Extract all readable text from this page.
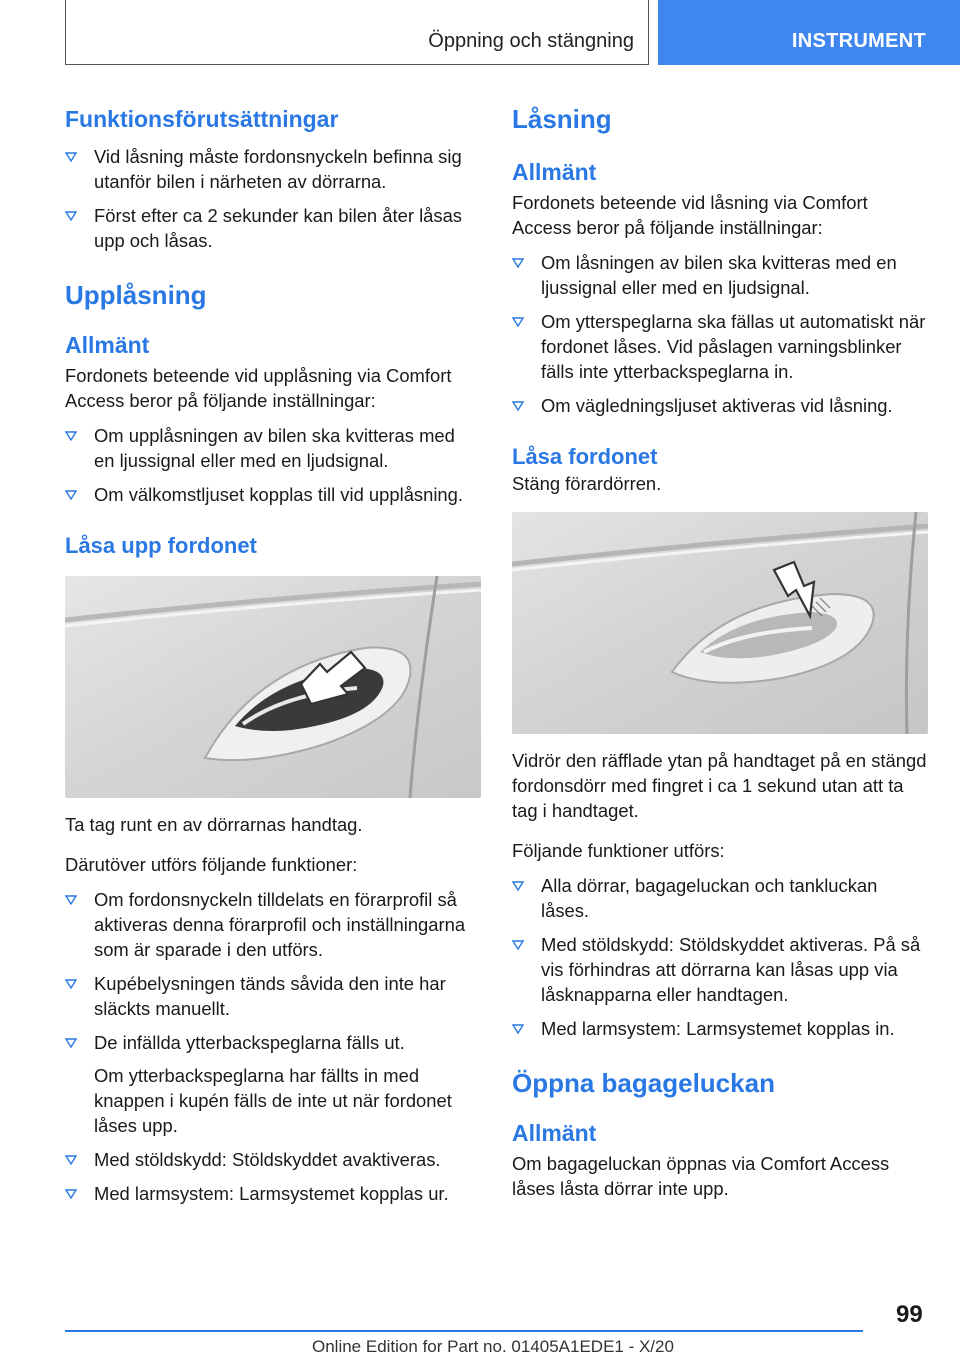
Öppning och stängning	INSTRUMENT
Funktionsförutsättningar
Vid låsning måste fordonsnyckeln befinna sig utanför bilen i närheten av dörrarna.
Först efter ca 2 sekunder kan bilen åter låsas upp och låsas.
Upplåsning
Allmänt

Fordonets beteende vid upplåsning via Comfort Access beror på följande inställningar:

Om upplåsningen av bilen ska kvitteras med en ljussignal eller med en ljudsignal.
Om välkomstljuset kopplas till vid upplåsning.
Låsa upp fordonet

Ta tag runt en av dörrarnas handtag.

Därutöver utförs följande funktioner:

Om fordonsnyckeln tilldelats en förarprofil så aktiveras denna förarprofil och inställningarna som är sparade i den utförs.
Kupébelysningen tänds såvida den inte har släckts manuellt.
De infällda ytterbackspeglarna fälls ut.
Om ytterbackspeglarna har fällts in med knappen i kupén fälls de inte ut när fordonet låses upp.
Med stöldskydd: Stöldskyddet avaktiveras.
Med larmsystem: Larmsystemet kopplas ur.
Låsning
Allmänt

Fordonets beteende vid låsning via Comfort Access beror på följande inställningar:

Om låsningen av bilen ska kvitteras med en ljussignal eller med en ljudsignal.
Om ytterspeglarna ska fällas ut automatiskt när fordonet låses. Vid påslagen varningsblinker fälls inte ytterbackspeglarna in.
Om vägledningsljuset aktiveras vid låsning.
Låsa fordonet

Stäng förardörren.

Vidrör den räfflade ytan på handtaget på en stängd fordonsdörr med fingret i ca 1 sekund utan att ta tag i handtaget.

Följande funktioner utförs:

Alla dörrar, bagageluckan och tankluckan låses.
Med stöldskydd: Stöldskyddet aktiveras. På så vis förhindras att dörrarna kan låsas upp via låsknapparna eller handtagen.
Med larmsystem: Larmsystemet kopplas in.
Öppna bagageluckan
Allmänt

Om bagageluckan öppnas via Comfort Access låses låsta dörrar inte upp.

99
Online Edition for Part no. 01405A1EDE1 - X/20
